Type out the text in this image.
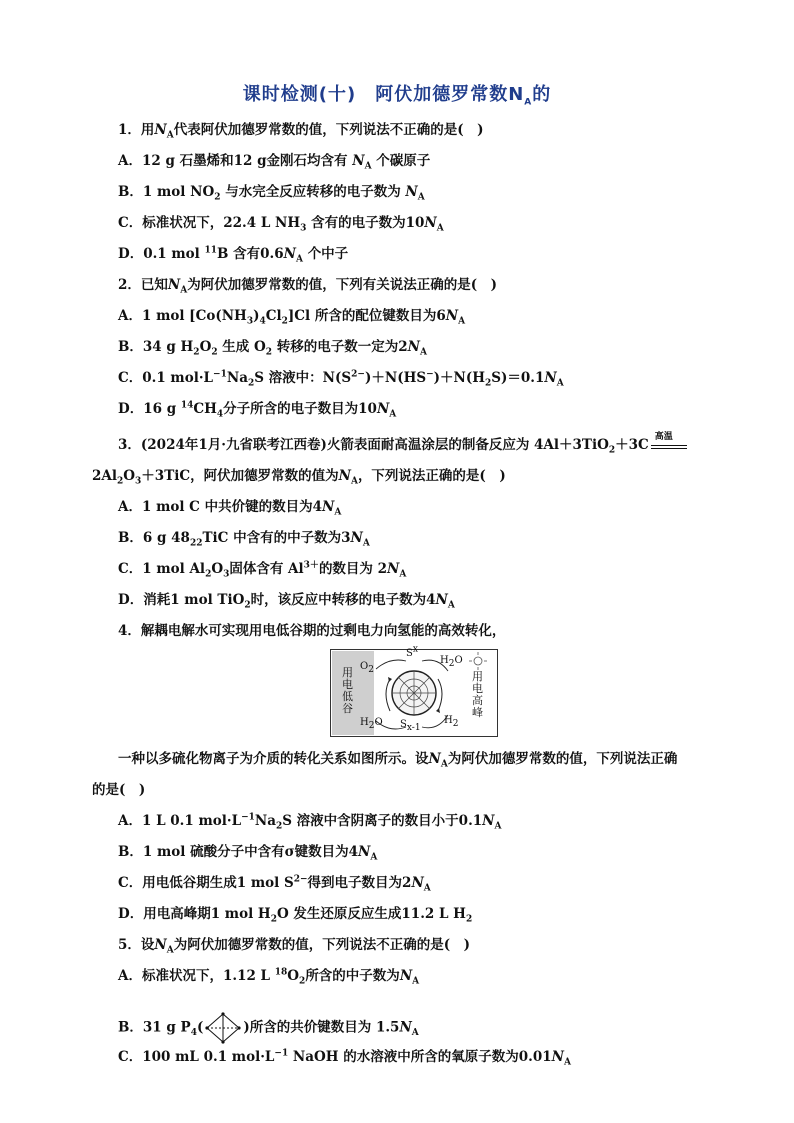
课时检测(十)　阿伏加德罗常数$N_A$的
1．用$N_A$代表阿伏加德罗常数的值，下列说法不正确的是(　)
A．12 g 石墨烯和12 g金刚石均含有 $N_A$ 个碳原子
B．1 mol $NO_2$ 与水完全反应转移的电子数为 $N_A$
C．标准状况下，22.4 L $NH_3$ 含有的电子数为$10N_A$
D．0.1 mol $^{11}$B 含有$0.6N_A$ 个中子
2．已知$N_A$为阿伏加德罗常数的值，下列有关说法正确的是(　)
A．1 mol $[Co(NH_3)_4Cl_2]Cl$ 所含的配位键数目为$6N_A$
B．34 g $H_2O_2$ 生成 $O_2$ 转移的电子数一定为$2N_A$
C．0.1 $mol\cdot L^{-1}Na_2S$ 溶液中：$N(S^{2-})+N(HS^-)+N(H_2S)=0.1N_A$
D．16 g $^{14}CH_4$分子所含的电子数目为$10N_A$
3．(2024年1月·九省联考江西卷)火箭表面耐高温涂层的制备反应为 4Al＋3TiO$_2$＋3C
高温
$2Al_2O_3+3TiC$，阿伏加德罗常数的值为$N_A$，下列说法正确的是(　)
A．1 mol C 中共价键的数目为$4N_A$
B．6 g $48_{22}TiC$ 中含有的中子数为$3N_A$
C．1 mol $Al_2O_3$固体含有 $Al^{3+}$的数目为 $2N_A$
D．消耗1 mol TiO$_2$时，该反应中转移的电子数为$4N_A$
4．解耦电解水可实现用电低谷期的过剩电力向氢能的高效转化，
用电低谷
用电高峰
$O_2$
$H_2O$
$H_2O$	$H_2$
$S^x$
$S_{x-1}$
一种以多硫化物离子为介质的转化关系如图所示。设$N_A$为阿伏加德罗常数的值，下列说法正确
的是(　)
A．1 L 0.1 $mol\cdot L^{-1}Na_2S$ 溶液中含阴离子的数目小于$0.1N_A$
B．1 mol 硫酸分子中含有σ键数目为$4N_A$
C．用电低谷期生成1 mol $S^{2-}$得到电子数目为$2N_A$
D．用电高峰期1 mol $H_2O$ 发生还原反应生成11.2 L $H_2$
5．设$N_A$为阿伏加德罗常数的值，下列说法不正确的是(　)
A．标准状况下，1.12 L $^{18}O_2$所含的中子数为$N_A$
B．31 g $P_4$(	)所含的共价键数目为 $1.5N_A$
C．100 mL 0.1 $mol\cdot L^{-1}$ NaOH 的水溶液中所含的氧原子数为$0.01N_A$
